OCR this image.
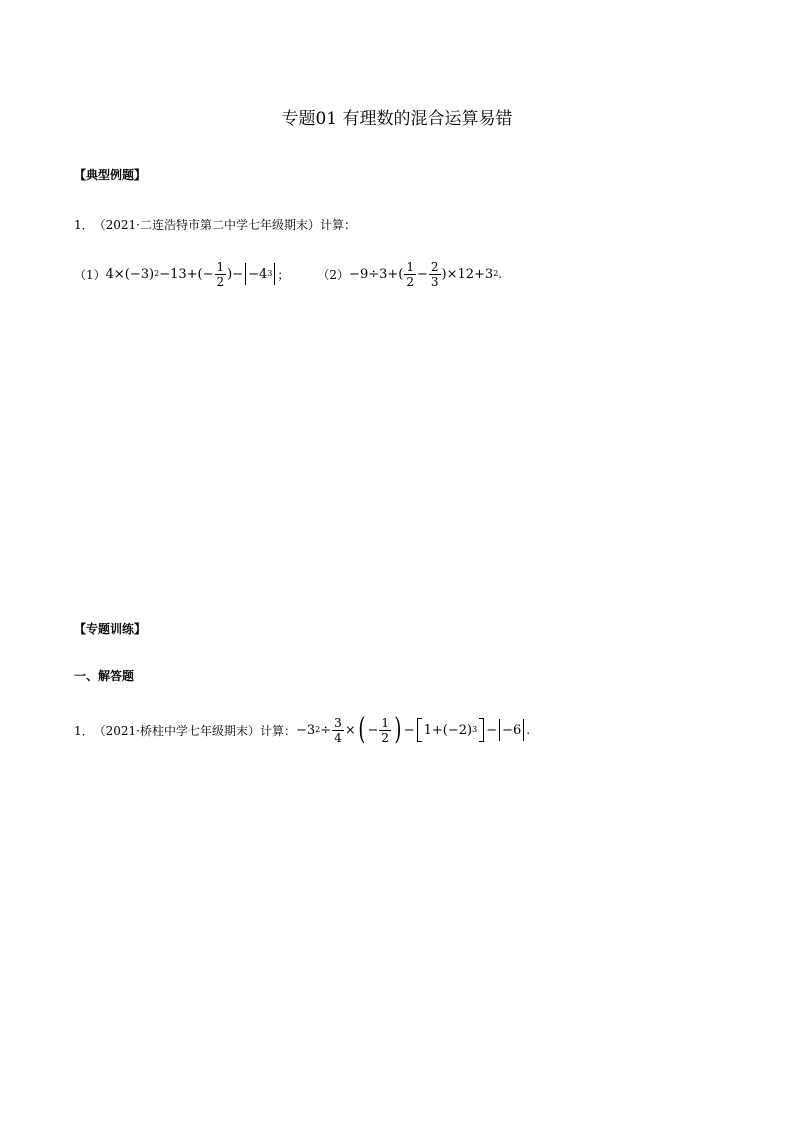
专题01 有理数的混合运算易错
【典型例题】
1． （2021·二连浩特市第二中学七年级期末）计算：
（1） 4×(−3) $2 -13+(- \frac{1}{2}$ )− −4 3 ； $(2) -9\div 3+( \frac{1}{2} - \frac{2}{3} )\times 12+3$ 2 .
【专题训练】
一、解答题
1． （2021·桥柱中学七年级期末）计算： −3 $2 \div \frac{3}{4}$ × ( − $\frac{1}{2}$ ) − 1+(−2) 3 − −6 .
